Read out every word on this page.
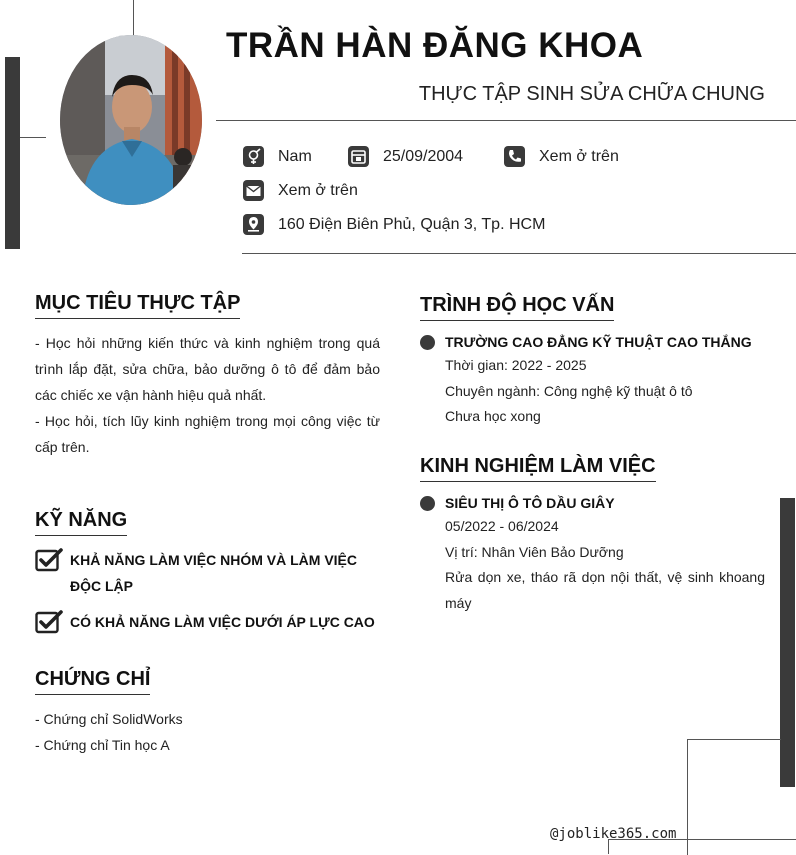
TRẦN HÀN ĐĂNG KHOA
THỰC TẬP SINH SỬA CHỮA CHUNG
Nam	25/09/2004	Xem ở trên
Xem ở trên
160 Điện Biên Phủ, Quận 3, Tp. HCM
MỤC TIÊU THỰC TẬP
- Học hỏi những kiến thức và kinh nghiệm trong quá trình lắp đặt, sửa chữa, bảo dưỡng ô tô để đảm bảo các chiếc xe vận hành hiệu quả nhất.
- Học hỏi, tích lũy kinh nghiệm trong mọi công việc từ cấp trên.
KỸ NĂNG
KHẢ NĂNG LÀM VIỆC NHÓM VÀ LÀM VIỆC ĐỘC LẬP
CÓ KHẢ NĂNG LÀM VIỆC DƯỚI ÁP LỰC CAO
CHỨNG CHỈ
- Chứng chỉ SolidWorks
- Chứng chỉ Tin học A
TRÌNH ĐỘ HỌC VẤN
TRƯỜNG CAO ĐẲNG KỸ THUẬT CAO THẮNG
Thời gian: 2022 - 2025
Chuyên ngành: Công nghệ kỹ thuật ô tô
Chưa học xong
KINH NGHIỆM LÀM VIỆC
SIÊU THỊ Ô TÔ DẦU GIÂY
05/2022 - 06/2024
Vị trí: Nhân Viên Bảo Dưỡng
Rửa dọn xe, tháo rã dọn nội thất, vệ sinh khoang máy
@joblike365.com
